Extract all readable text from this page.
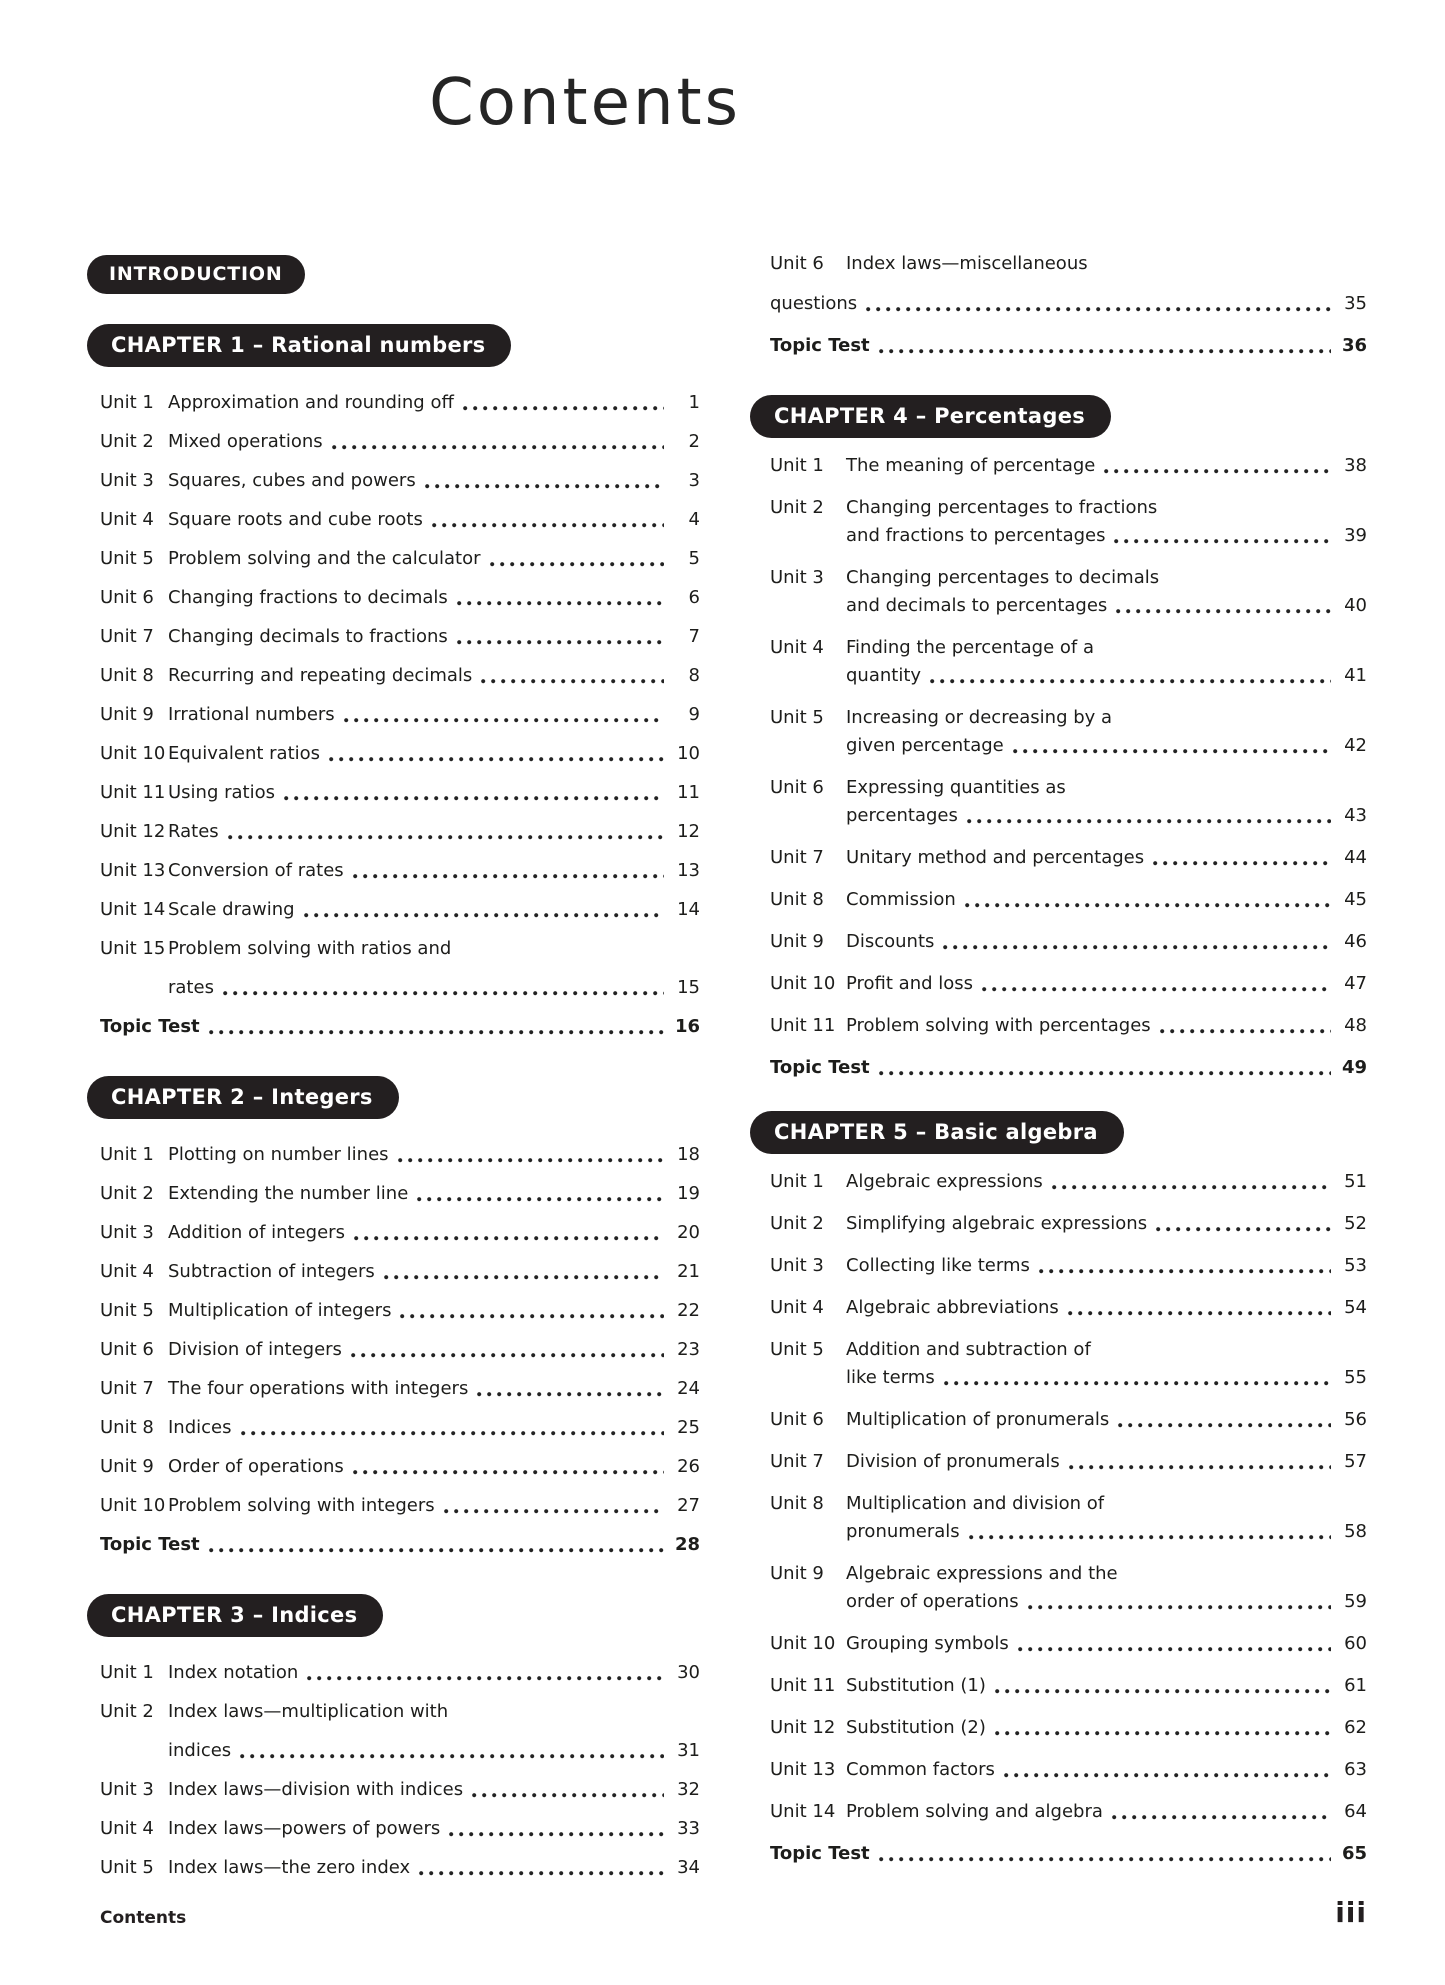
Contents
INTRODUCTION
CHAPTER 1 – Rational numbers
Unit 1 Approximation and rounding off	1
Unit 2 Mixed operations	2
Unit 3 Squares, cubes and powers	3
Unit 4 Square roots and cube roots	4
Unit 5 Problem solving and the calculator	5
Unit 6 Changing fractions to decimals	6
Unit 7 Changing decimals to fractions	7
Unit 8 Recurring and repeating decimals	8
Unit 9 Irrational numbers	9
Unit 10 Equivalent ratios	10
Unit 11 Using ratios	11
Unit 12 Rates	12
Unit 13 Conversion of rates	13
Unit 14 Scale drawing	14
Unit 15 Problem solving with ratios and
rates	15
Topic Test	16
CHAPTER 2 – Integers
Unit 1 Plotting on number lines	18
Unit 2 Extending the number line	19
Unit 3 Addition of integers	20
Unit 4 Subtraction of integers	21
Unit 5 Multiplication of integers	22
Unit 6 Division of integers	23
Unit 7 The four operations with integers	24
Unit 8 Indices	25
Unit 9 Order of operations	26
Unit 10 Problem solving with integers	27
Topic Test	28
CHAPTER 3 – Indices
Unit 1 Index notation	30
Unit 2 Index laws—multiplication with
indices	31
Unit 3 Index laws—division with indices	32
Unit 4 Index laws—powers of powers	33
Unit 5 Index laws—the zero index	34
Unit 6	Index laws—miscellaneous
questions	35
Topic Test	36
CHAPTER 4 – Percentages
Unit 1	The meaning of percentage	38
Unit 2	Changing percentages to fractions
and fractions to percentages	39
Unit 3	Changing percentages to decimals
and decimals to percentages	40
Unit 4	Finding the percentage of a
quantity	41
Unit 5	Increasing or decreasing by a
given percentage	42
Unit 6	Expressing quantities as
percentages	43
Unit 7	Unitary method and percentages	44
Unit 8	Commission	45
Unit 9	Discounts	46
Unit 10 Profit and loss	47
Unit 11 Problem solving with percentages	48
Topic Test	49
CHAPTER 5 – Basic algebra
Unit 1	Algebraic expressions	51
Unit 2	Simplifying algebraic expressions	52
Unit 3	Collecting like terms	53
Unit 4	Algebraic abbreviations	54
Unit 5	Addition and subtraction of
like terms	55
Unit 6	Multiplication of pronumerals	56
Unit 7	Division of pronumerals	57
Unit 8	Multiplication and division of
pronumerals	58
Unit 9	Algebraic expressions and the
order of operations	59
Unit 10 Grouping symbols	60
Unit 11 Substitution (1)	61
Unit 12 Substitution (2)	62
Unit 13 Common factors	63
Unit 14 Problem solving and algebra	64
Topic Test	65
Contents	iii
